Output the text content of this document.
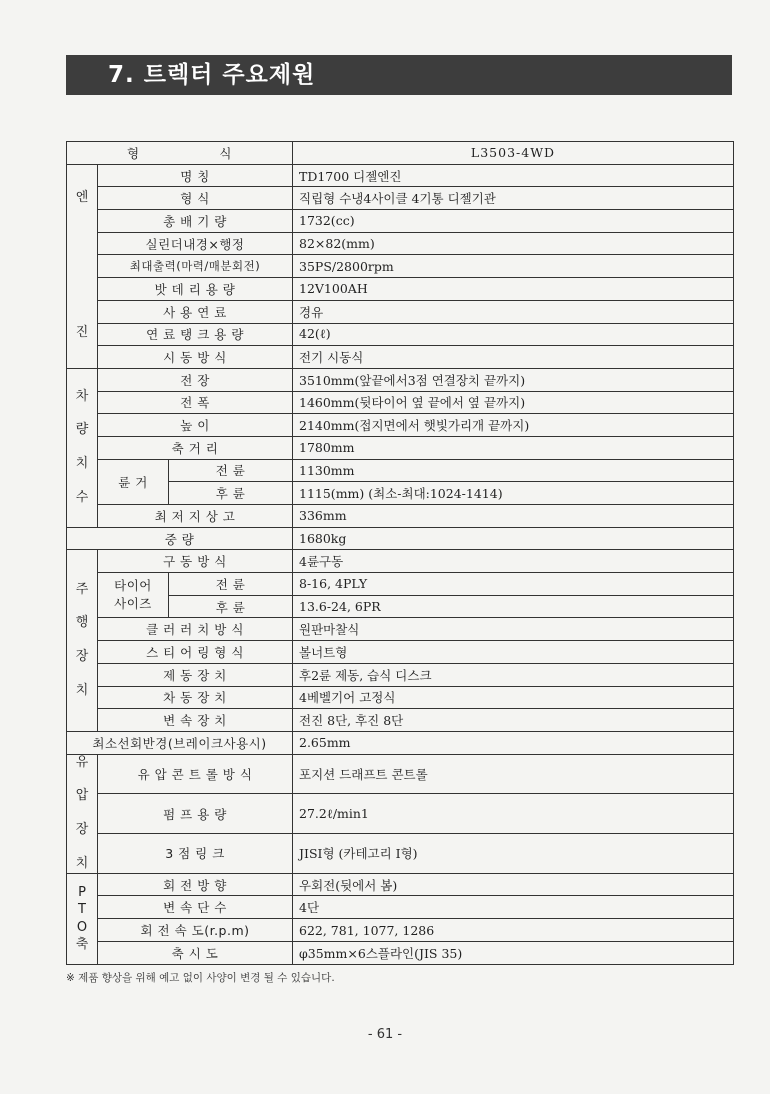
7. 트렉터 주요제원
형 식			L3503-4WD

엔

진	명 칭		TD1700 디젤엔진
	형 식		직립형 수냉4사이클 4기통 디젤기관
	총 배 기 량		1732(cc)
	실린더내경×행정		82×82(mm)
	최대출력(마력/매분회전)		35PS/2800rpm
	밧 데 리 용 량		12V100AH
	사 용 연 료		경유
	연 료 탱 크 용 량		42(ℓ)
	시 동 방 식		전기 시동식

차

량

치

수	전 장		3510mm(앞끝에서3점 연결장치 끝까지)
	전 폭		1460mm(뒷타이어 옆 끝에서 옆 끝까지)
	높 이		2140mm(접지면에서 햇빛가리개 끝까지)
	축 거 리		1780mm
	륜 거	전 륜	1130mm
		후 륜	1115(mm) (최소-최대:1024-1414)
	최 저 지 상 고		336mm
중 량			1680kg

주

행

장

치	구 동 방 식		4륜구동
	타이어
사이즈	전 륜	8-16, 4PLY
		후 륜	13.6-24, 6PR
	클 러 러 치 방 식		원판마찰식
	스 티 어 링 형 식		볼너트형
	제 동 장 치		후2륜 제동, 습식 디스크
	차 동 장 치		4베벨기어 고정식
	변 속 장 치		전진 8단, 후진 8단
최소선회반경(브레이크사용시)			2.65mm

유

압

장

치	유 압 콘 트 롤 방 식		포지션 드래프트 콘트롤
	펌 프 용 량		27.2ℓ/min1
	3 점 링 크		JISI형 (카테고리 I형)

P
T
O
축	회 전 방 향		우회전(뒷에서 봄)
	변 속 단 수		4단
	회 전 속 도(r.p.m)		622, 781, 1077, 1286
	축 시 도		φ35mm×6스플라인(JIS 35)
※ 제품 향상을 위해 예고 없이 사양이 변경 될 수 있습니다.
- 61 -
